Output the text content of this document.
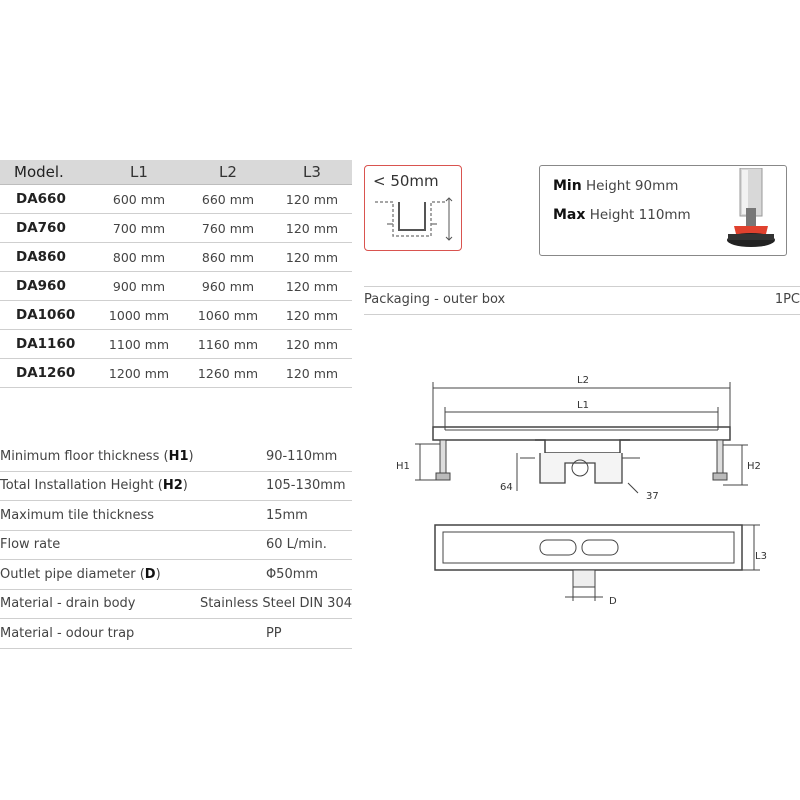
Model.	L1	L2	L3
DA660	600 mm	660 mm	120 mm
DA760	700 mm	760 mm	120 mm
DA860	800 mm	860 mm	120 mm
DA960	900 mm	960 mm	120 mm
DA1060	1000 mm	1060 mm	120 mm
DA1160	1100 mm	1160 mm	120 mm
DA1260	1200 mm	1260 mm	120 mm
< 50mm	Min Height 90mm
Max Height 110mm
Packaging - outer box	1PC
Minimum floor thickness (H1)	90-110mm
Total Installation Height (H2)	105-130mm
Maximum tile thickness	15mm
Flow rate	60 L/min.
Outlet pipe diameter (D)	Φ50mm
Material - drain body	Stainless Steel DIN 304
Material - odour trap	PP
L2
L1
H1	H2
64
37
L3
D
